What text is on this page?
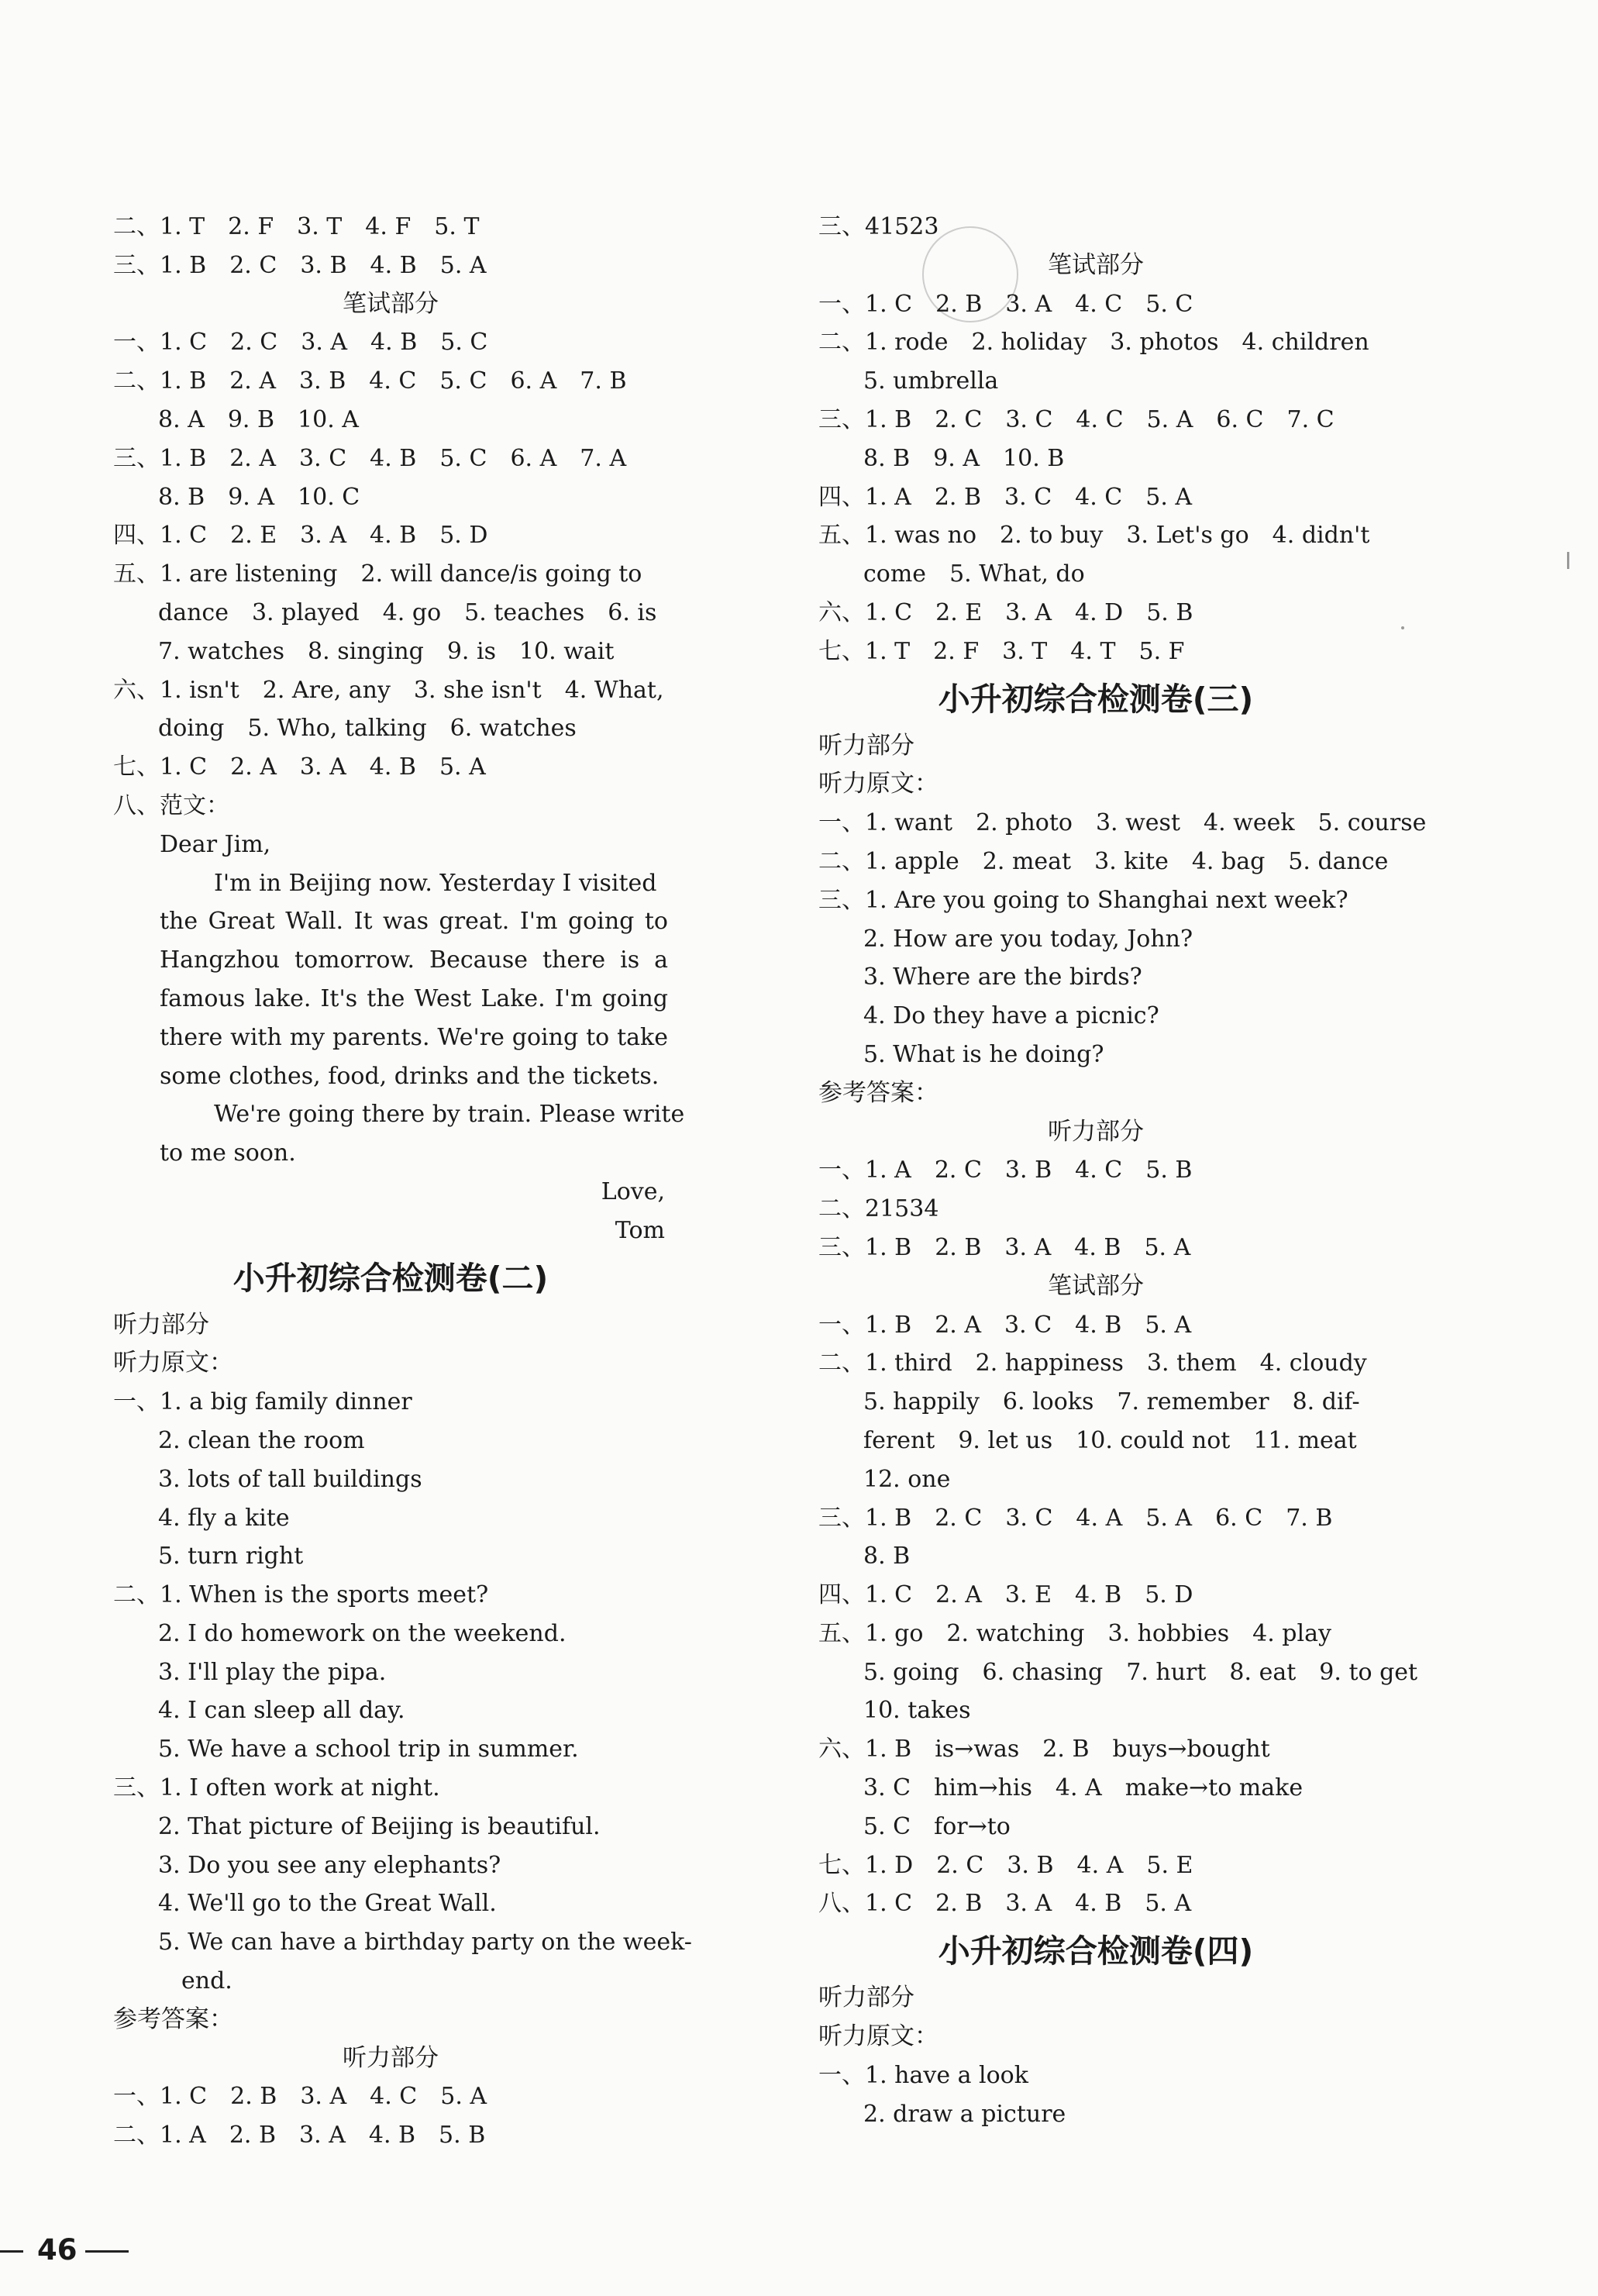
二、1. T　2. F　3. T　4. F　5. T
三、1. B　2. C　3. B　4. B　5. A
笔试部分
一、1. C　2. C　3. A　4. B　5. C
二、1. B　2. A　3. B　4. C　5. C　6. A　7. B
8. A　9. B　10. A
三、1. B　2. A　3. C　4. B　5. C　6. A　7. A
8. B　9. A　10. C
四、1. C　2. E　3. A　4. B　5. D
五、1. are listening　2. will dance/is going to
dance　3. played　4. go　5. teaches　6. is
7. watches　8. singing　9. is　10. wait
六、1. isn't　2. Are, any　3. she isn't　4. What,
doing　5. Who, talking　6. watches
七、1. C　2. A　3. A　4. B　5. A
八、范文：
Dear Jim,
I'm in Beijing now. Yesterday I visited
the Great Wall. It was great. I'm going to
Hangzhou tomorrow. Because there is a
famous lake. It's the West Lake. I'm going
there with my parents. We're going to take
some clothes, food, drinks and the tickets.
We're going there by train. Please write
to me soon.
Love,
Tom
小升初综合检测卷(二)
听力部分
听力原文：
一、1. a big family dinner
2. clean the room
3. lots of tall buildings
4. fly a kite
5. turn right
二、1. When is the sports meet?
2. I do homework on the weekend.
3. I'll play the pipa.
4. I can sleep all day.
5. We have a school trip in summer.
三、1. I often work at night.
2. That picture of Beijing is beautiful.
3. Do you see any elephants?
4. We'll go to the Great Wall.
5. We can have a birthday party on the week-
　end.
参考答案：
听力部分
一、1. C　2. B　3. A　4. C　5. A
二、1. A　2. B　3. A　4. B　5. B
三、41523
笔试部分
一、1. C　2. B　3. A　4. C　5. C
二、1. rode　2. holiday　3. photos　4. children
5. umbrella
三、1. B　2. C　3. C　4. C　5. A　6. C　7. C
8. B　9. A　10. B
四、1. A　2. B　3. C　4. C　5. A
五、1. was no　2. to buy　3. Let's go　4. didn't
come　5. What, do
六、1. C　2. E　3. A　4. D　5. B
七、1. T　2. F　3. T　4. T　5. F
小升初综合检测卷(三)
听力部分
听力原文：
一、1. want　2. photo　3. west　4. week　5. course
二、1. apple　2. meat　3. kite　4. bag　5. dance
三、1. Are you going to Shanghai next week?
2. How are you today, John?
3. Where are the birds?
4. Do they have a picnic?
5. What is he doing?
参考答案：
听力部分
一、1. A　2. C　3. B　4. C　5. B
二、21534
三、1. B　2. B　3. A　4. B　5. A
笔试部分
一、1. B　2. A　3. C　4. B　5. A
二、1. third　2. happiness　3. them　4. cloudy
5. happily　6. looks　7. remember　8. dif-
ferent　9. let us　10. could not　11. meat
12. one
三、1. B　2. C　3. C　4. A　5. A　6. C　7. B
8. B
四、1. C　2. A　3. E　4. B　5. D
五、1. go　2. watching　3. hobbies　4. play
5. going　6. chasing　7. hurt　8. eat　9. to get
10. takes
六、1. B　is→was　2. B　buys→bought
3. C　him→his　4. A　make→to make
5. C　for→to
七、1. D　2. C　3. B　4. A　5. E
八、1. C　2. B　3. A　4. B　5. A
小升初综合检测卷(四)
听力部分
听力原文：
一、1. have a look
2. draw a picture
46
